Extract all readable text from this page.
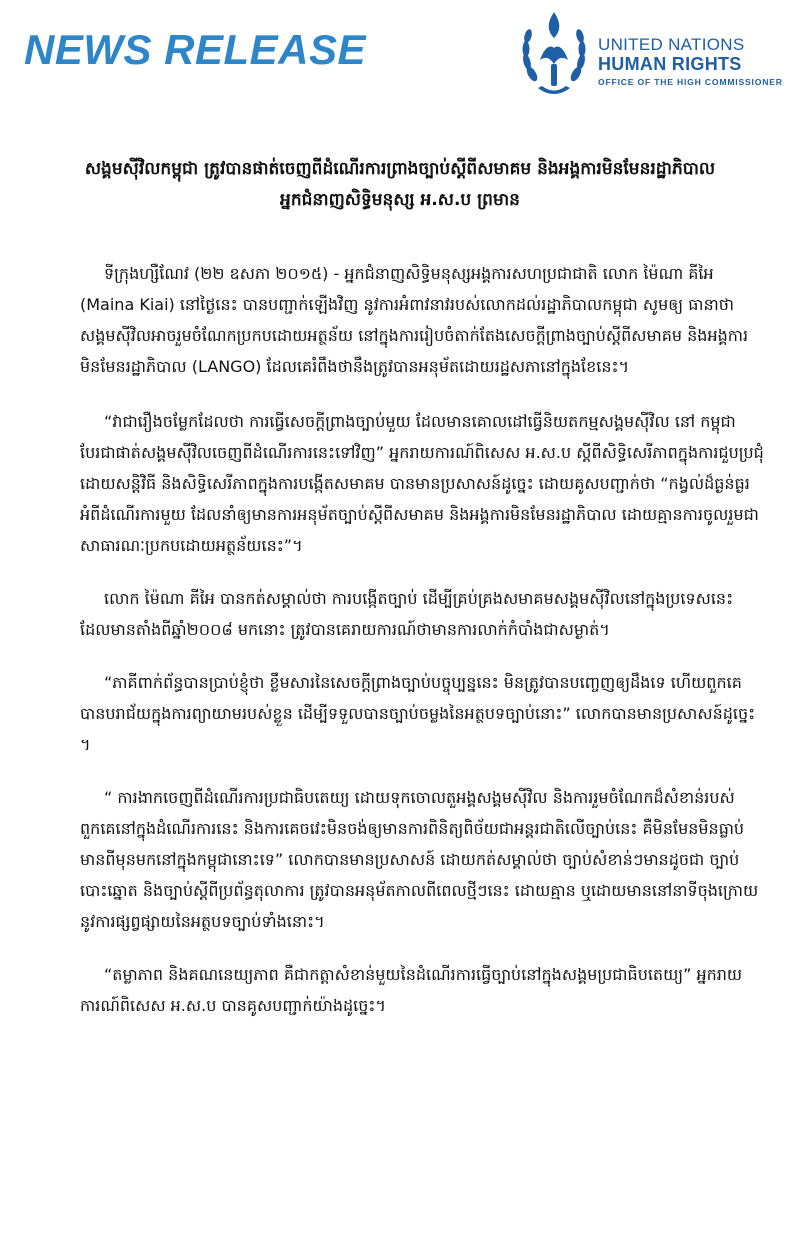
NEWS RELEASE	UNITED NATIONS
HUMAN RIGHTS
OFFICE OF THE HIGH COMMISSIONER
សង្គមស៊ីវិលកម្ពុជា ត្រូវបានផាត់ចេញពីដំណើរការព្រាងច្បាប់ស្ដីពីសមាគម និងអង្គការមិនមែនរដ្ឋាភិបាល
អ្នកជំនាញសិទ្ធិមនុស្ស អ.ស.ប ព្រមាន

ទីក្រុងហ្សឺណែវ (២២ ឧសភា ២០១៥) - អ្នកជំនាញសិទ្ធិមនុស្សអង្គការសហប្រជាជាតិ លោក ម៉ៃណា គីអៃ (Maina Kiai) នៅថ្ងៃនេះ បានបញ្ជាក់ឡើងវិញ នូវការអំពាវនាវរបស់លោកដល់រដ្ឋាភិបាលកម្ពុជា សូមឲ្យ ធានាថា សង្គមស៊ីវិលអាចរួមចំណែកប្រកបដោយអត្ថន័យ នៅក្នុងការរៀបចំតាក់តែងសេចក្ដីព្រាងច្បាប់ស្ដីពីសមាគម និងអង្គការមិនមែនរដ្ឋាភិបាល (LANGO) ដែលគេរំពឹងថានឹងត្រូវបានអនុម័តដោយរដ្ឋសភានៅក្នុងខែនេះ។

“វាជារឿងចម្លែកដែលថា ការធ្វើសេចក្ដីព្រាងច្បាប់មួយ ដែលមានគោលដៅធ្វើនិយតកម្មសង្គមស៊ីវិល នៅ កម្ពុជា បែរជាផាត់សង្គមស៊ីវិលចេញពីដំណើរការនេះទៅវិញ” អ្នករាយការណ៍ពិសេស អ.ស.ប ស្ដីពីសិទ្ធិសេរីភាពក្នុងការជួបប្រជុំដោយសន្តិវិធី និងសិទ្ធិសេរីភាពក្នុងការបង្កើតសមាគម បានមានប្រសាសន៍ដូច្នេះ ដោយគូសបញ្ជាក់ថា “កង្វល់ដ៏ធ្ងន់ធ្ងរអំពីដំណើរការមួយ ដែលនាំឲ្យមានការអនុម័តច្បាប់ស្ដីពីសមាគម និងអង្គការមិនមែនរដ្ឋាភិបាល ដោយគ្មានការចូលរួមជាសាធារណៈប្រកបដោយអត្ថន័យនេះ”។

លោក ម៉ៃណា គីអៃ បានកត់សម្គាល់ថា ការបង្កើតច្បាប់ ដើម្បីគ្រប់គ្រងសមាគមសង្គមស៊ីវិលនៅក្នុងប្រទេសនេះ ដែលមានតាំងពីឆ្នាំ២០០៨ មកនោះ ត្រូវបានគេរាយការណ៍ថាមានការលាក់កំបាំងជាសម្ងាត់។

“ភាគីពាក់ព័ន្ធបានប្រាប់ខ្ញុំថា ខ្លឹមសារនៃសេចក្ដីព្រាងច្បាប់បច្ចុប្បន្ននេះ មិនត្រូវបានបញ្ចេញឲ្យដឹងទេ ហើយពួកគេ បានបរាជ័យក្នុងការព្យាយាមរបស់ខ្លួន ដើម្បីទទួលបានច្បាប់ចម្លងនៃអត្ថបទច្បាប់នោះ” លោកបានមានប្រសាសន៍ដូច្នេះ ។

“ ការងាកចេញពីដំណើរការប្រជាធិបតេយ្យ ដោយទុកចោលតួអង្គសង្គមស៊ីវិល និងការរួមចំណែកដ៏សំខាន់របស់ពួកគេនៅក្នុងដំណើរការនេះ និងការគេចវេះមិនចង់ឲ្យមានការពិនិត្យពិច័យជាអន្តរជាតិលើច្បាប់នេះ គឺមិនមែនមិនធ្លាប់មានពីមុនមកនៅក្នុងកម្ពុជានោះទេ” លោកបានមានប្រសាសន៍ ដោយកត់សម្គាល់ថា ច្បាប់សំខាន់ៗមានដូចជា ច្បាប់បោះឆ្នោត និងច្បាប់ស្ដីពីប្រព័ន្ធតុលាការ ត្រូវបានអនុម័តកាលពីពេលថ្មីៗនេះ ដោយគ្មាន ឬដោយមាននៅនាទីចុងក្រោយ នូវការផ្សព្វផ្សាយនៃអត្ថបទច្បាប់ទាំងនោះ។

“តម្លាភាព និងគណនេយ្យភាព គឺជាកត្តាសំខាន់មួយនៃដំណើរការធ្វើច្បាប់នៅក្នុងសង្គមប្រជាធិបតេយ្យ” អ្នករាយការណ៍ពិសេស អ.ស.ប បានគូសបញ្ជាក់យ៉ាងដូច្នេះ។
